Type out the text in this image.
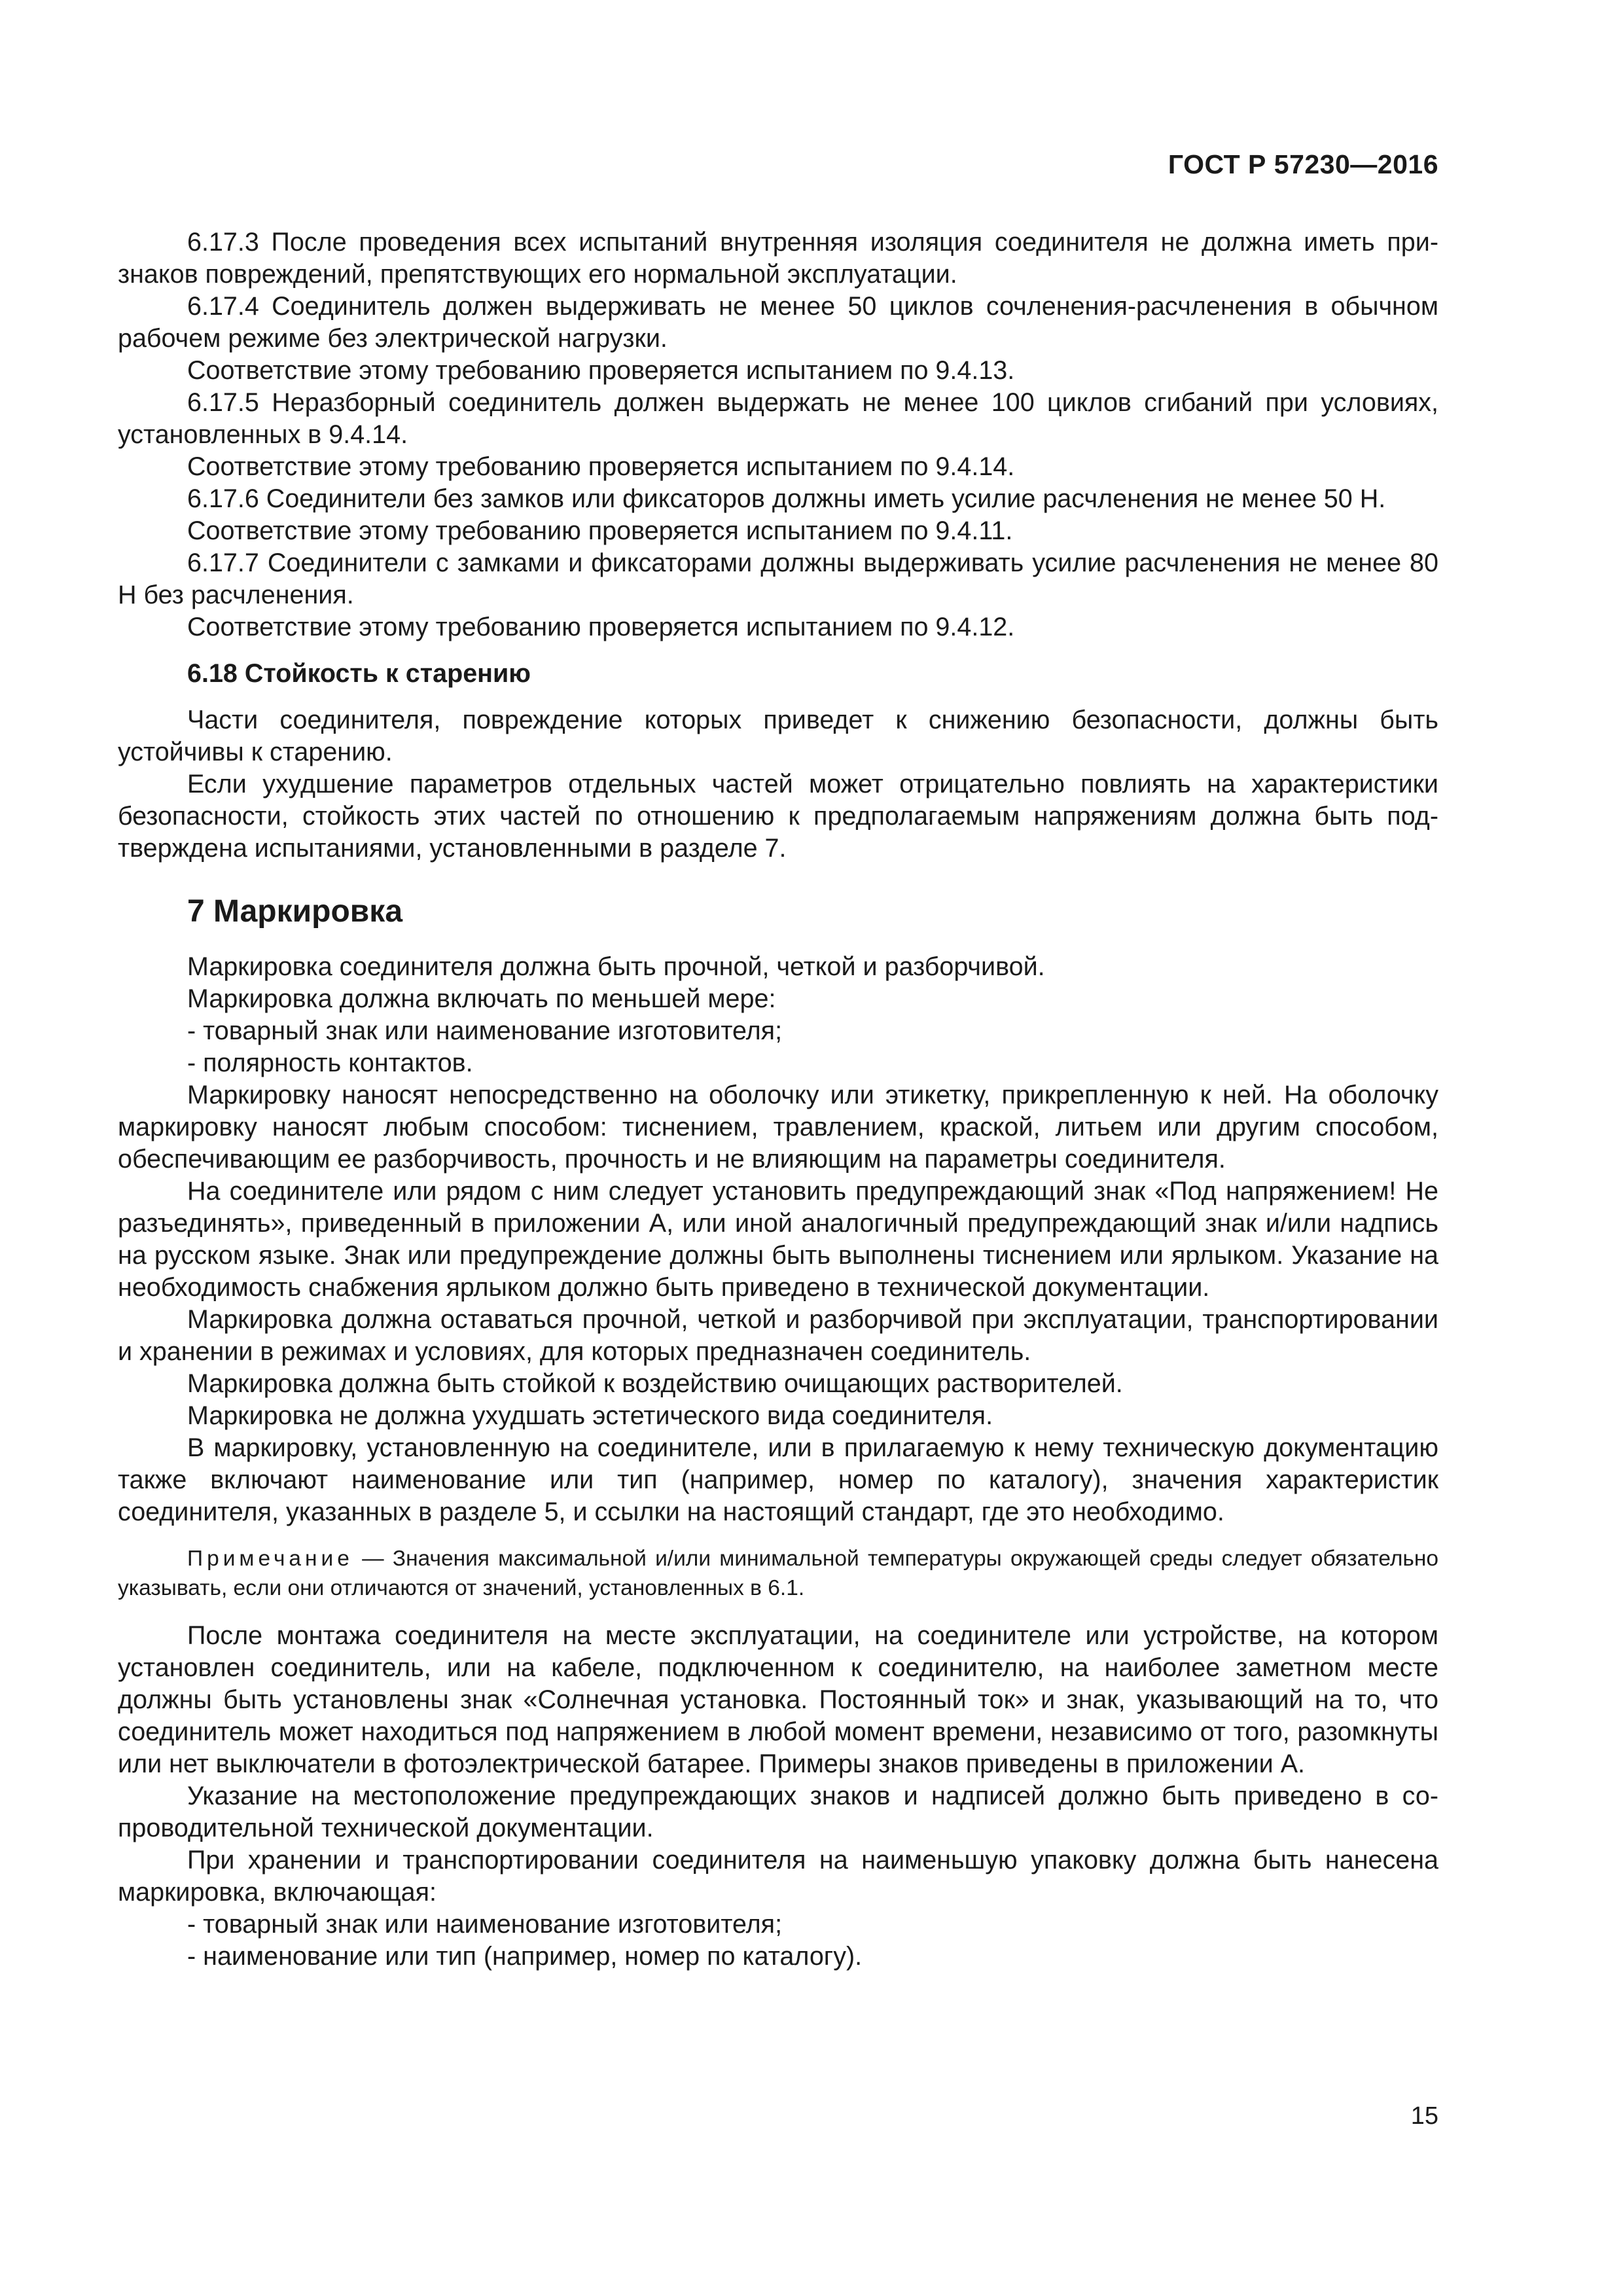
ГОСТ Р 57230—2016

6.17.3 После проведения всех испытаний внутренняя изоляция соединителя не должна иметь признаков повреждений, препятствующих его нормальной эксплуатации.

6.17.4 Соединитель должен выдерживать не менее 50 циклов сочленения-расчленения в обычном рабочем режиме без электрической нагрузки.

Соответствие этому требованию проверяется испытанием по 9.4.13.

6.17.5 Неразборный соединитель должен выдержать не менее 100 циклов сгибаний при условиях, установленных в 9.4.14.

Соответствие этому требованию проверяется испытанием по 9.4.14.

6.17.6 Соединители без замков или фиксаторов должны иметь усилие расчленения не менее 50 Н.

Соответствие этому требованию проверяется испытанием по 9.4.11.

6.17.7 Соединители с замками и фиксаторами должны выдерживать усилие расчленения не менее 80 Н без расчленения.

Соответствие этому требованию проверяется испытанием по 9.4.12.

6.18 Стойкость к старению

Части соединителя, повреждение которых приведет к снижению безопасности, должны быть устойчивы к старению.

Если ухудшение параметров отдельных частей может отрицательно повлиять на характеристики безопасности, стойкость этих частей по отношению к предполагаемым напряжениям должна быть подтверждена испытаниями, установленными в разделе 7.

7 Маркировка

Маркировка соединителя должна быть прочной, четкой и разборчивой.

Маркировка должна включать по меньшей мере:

- товарный знак или наименование изготовителя;
- полярность контактов.

Маркировку наносят непосредственно на оболочку или этикетку, прикрепленную к ней. На оболочку маркировку наносят любым способом: тиснением, травлением, краской, литьем или другим способом, обеспечивающим ее разборчивость, прочность и не влияющим на параметры соединителя.

На соединителе или рядом с ним следует установить предупреждающий знак «Под напряжением! Не разъединять», приведенный в приложении А, или иной аналогичный предупреждающий знак и/или надпись на русском языке. Знак или предупреждение должны быть выполнены тиснением или ярлыком. Указание на необходимость снабжения ярлыком должно быть приведено в технической документации.

Маркировка должна оставаться прочной, четкой и разборчивой при эксплуатации, транспортировании и хранении в режимах и условиях, для которых предназначен соединитель.

Маркировка должна быть стойкой к воздействию очищающих растворителей.

Маркировка не должна ухудшать эстетического вида соединителя.

В маркировку, установленную на соединителе, или в прилагаемую к нему техническую документацию также включают наименование или тип (например, номер по каталогу), значения характеристик соединителя, указанных в разделе 5, и ссылки на настоящий стандарт, где это необходимо.

Примечание — Значения максимальной и/или минимальной температуры окружающей среды следует обязательно указывать, если они отличаются от значений, установленных в 6.1.

После монтажа соединителя на месте эксплуатации, на соединителе или устройстве, на котором установлен соединитель, или на кабеле, подключенном к соединителю, на наиболее заметном месте должны быть установлены знак «Солнечная установка. Постоянный ток» и знак, указывающий на то, что соединитель может находиться под напряжением в любой момент времени, независимо от того, разомкнуты или нет выключатели в фотоэлектрической батарее. Примеры знаков приведены в приложении А.

Указание на местоположение предупреждающих знаков и надписей должно быть приведено в сопроводительной технической документации.

При хранении и транспортировании соединителя на наименьшую упаковку должна быть нанесена маркировка, включающая:

- товарный знак или наименование изготовителя;
- наименование или тип (например, номер по каталогу).
15
